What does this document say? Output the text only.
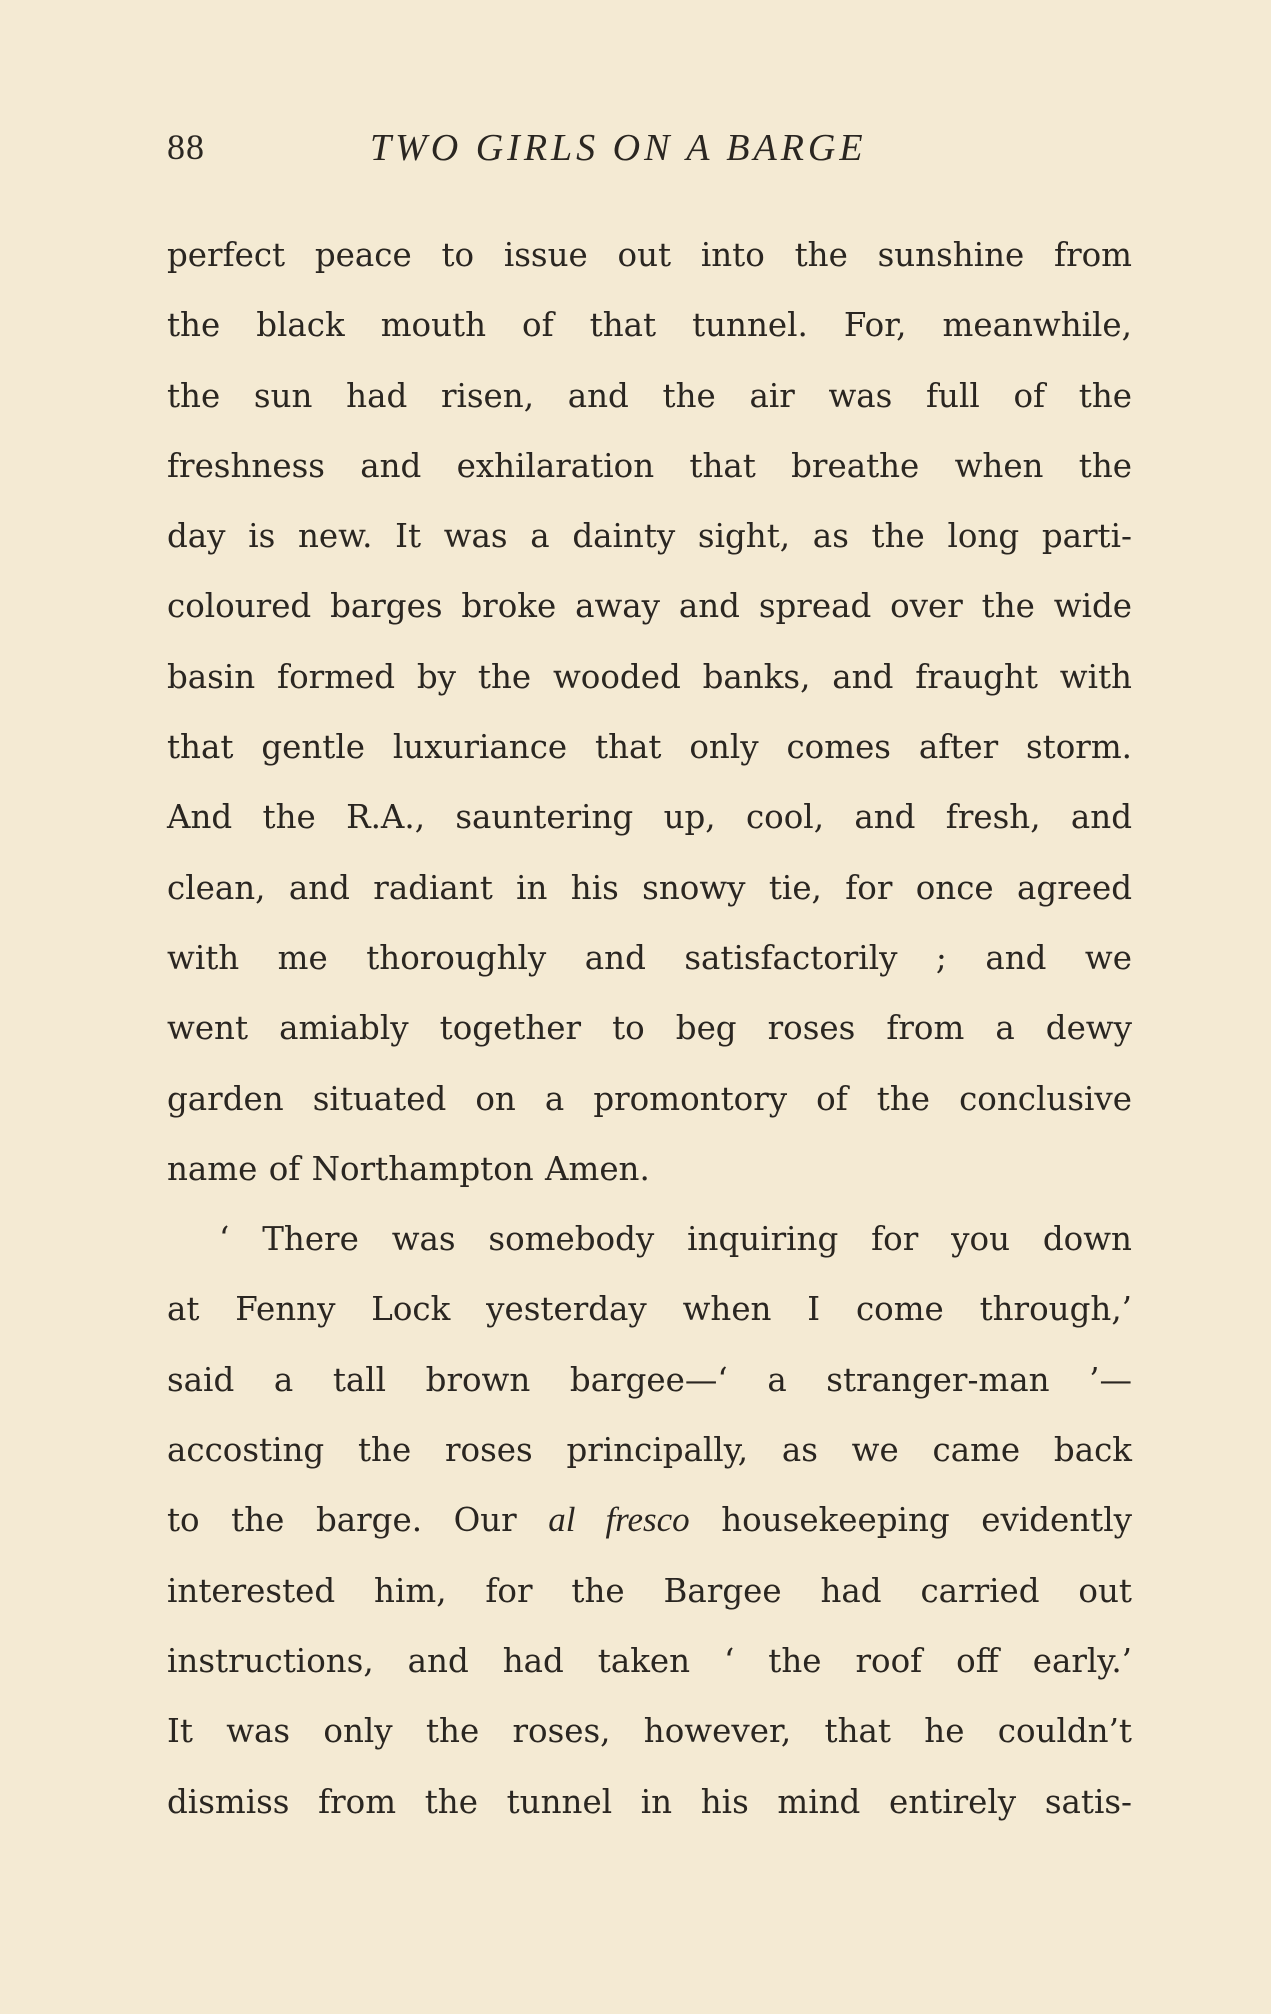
88	TWO GIRLS ON A BARGE
perfect peace to issue out into the sunshine from
the black mouth of that tunnel. For, meanwhile,
the sun had risen, and the air was full of the
freshness and exhilaration that breathe when the
day is new. It was a dainty sight, as the long parti-
coloured barges broke away and spread over the wide
basin formed by the wooded banks, and fraught with
that gentle luxuriance that only comes after storm.
And the R.A., sauntering up, cool, and fresh, and
clean, and radiant in his snowy tie, for once agreed
with me thoroughly and satisfactorily ; and we
went amiably together to beg roses from a dewy
garden situated on a promontory of the conclusive
name of Northampton Amen.
‘ There was somebody inquiring for you down
at Fenny Lock yesterday when I come through,’
said a tall brown bargee—‘ a stranger-man ’—
accosting the roses principally, as we came back
to the barge. Our al fresco housekeeping evidently
interested him, for the Bargee had carried out
instructions, and had taken ‘ the roof off early.’
It was only the roses, however, that he couldn’t
dismiss from the tunnel in his mind entirely satis-
